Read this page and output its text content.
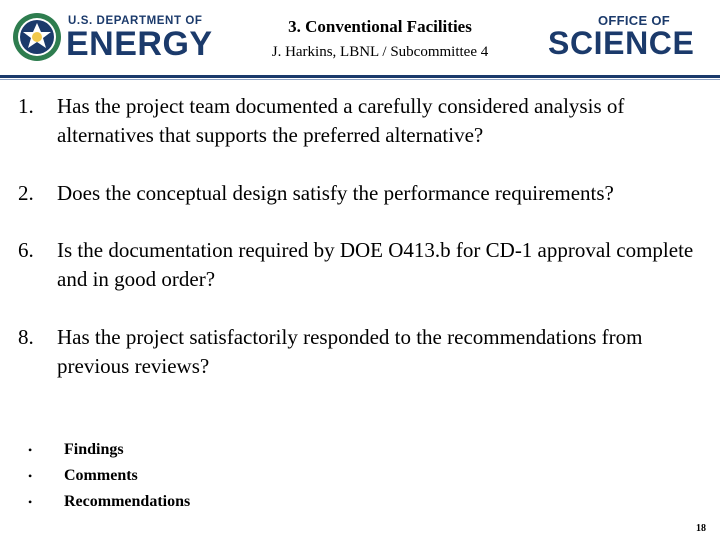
U.S. DEPARTMENT OF
ENERGY	3. Conventional Facilities
J. Harkins, LBNL / Subcommittee 4
OFFICE OF
SCIENCE
1.	Has the project team documented a carefully considered analysis of alternatives that supports the preferred alternative?
2.	Does the conceptual design satisfy the performance requirements?
6.	Is the documentation required by DOE O413.b for CD-1 approval complete and in good order?
8.	Has the project satisfactorily responded to the recommendations from previous reviews?
•	Findings
•	Comments
•	Recommendations
18
